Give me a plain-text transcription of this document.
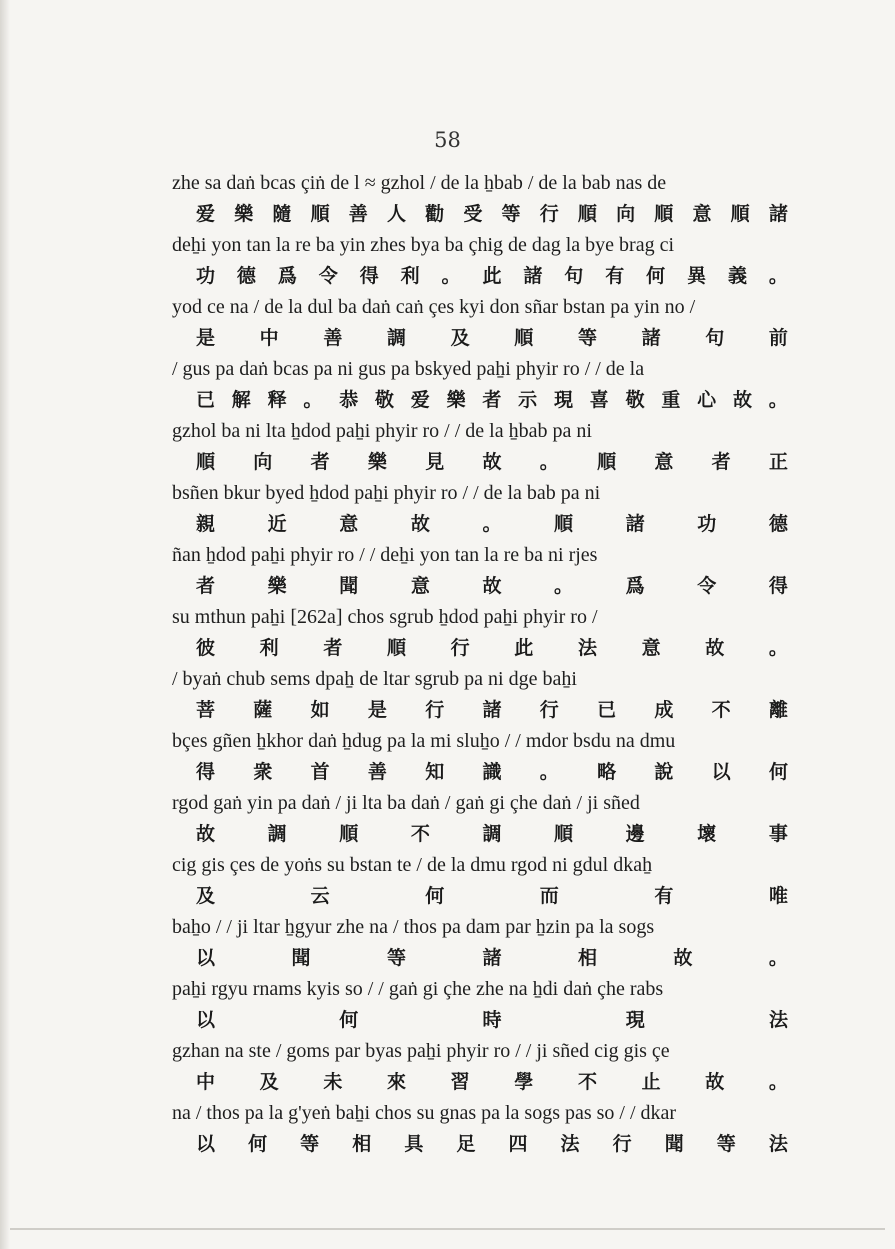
58
zhe sa daṅ bcas çiṅ de l ≈ gzhol / de la ẖbab / de la bab nas de
爱 樂 隨 順 善 人 勸 受 等 行 順 向 順 意 順 諸
deẖi yon tan la re ba yin zhes bya ba çhig de dag la bye brag ci
功 德 爲 令 得 利 。 此 諸 句 有 何 異 義 。
yod ce na / de la dul ba daṅ caṅ çes kyi don sñar bstan pa yin no /
是 中 善 調 及 順 等 諸 句 前
/ gus pa daṅ bcas pa ni gus pa bskyed paẖi phyir ro / / de la
已 解 释 。 恭 敬 爱 樂 者 示 現 喜 敬 重 心 故 。
gzhol ba ni lta ẖdod paẖi phyir ro / / de la ẖbab pa ni
順 向 者 樂 見 故 。 順 意 者 正
bsñen bkur byed ẖdod paẖi phyir ro / / de la bab pa ni
親	近	意	故	。	順	諸	功	德
ñan ẖdod paẖi phyir ro / / deẖi yon tan la re ba ni rjes
者	樂	聞	意	故	。	爲	令	得
su mthun paẖi [262a] chos sgrub ẖdod paẖi phyir ro /
彼 利 者 順 行 此 法 意 故 。
/ byaṅ chub sems dpaẖ de ltar sgrub pa ni dge baẖi
菩 薩 如 是 行 諸 行 已 成 不 離
bçes gñen ẖkhor daṅ ẖdug pa la mi sluẖo / / mdor bsdu na dmu
得 衆 首 善 知 識 。 略 說 以 何
rgod gaṅ yin pa daṅ / ji lta ba daṅ / gaṅ gi çhe daṅ / ji sñed
故	調	順	不	調	順	邊	壞	事
cig gis çes de yoṅs su bstan te / de la dmu rgod ni gdul dkaẖ
及	云	何	而	有	唯
baẖo / / ji ltar ẖgyur zhe na / thos pa dam par ẖzin pa la sogs
以	聞	等	諸	相	故	。
paẖi rgyu rnams kyis so / / gaṅ gi çhe zhe na ẖdi daṅ çhe rabs
以	何	時	現	法
gzhan na ste / goms par byas paẖi phyir ro / / ji sñed cig gis çe
中 及 未 來 習 學 不 止 故 。
na / thos pa la g'yeṅ baẖi chos su gnas pa la sogs pas so / / dkar
以 何 等 相 具 足 四 法 行 聞 等 法
